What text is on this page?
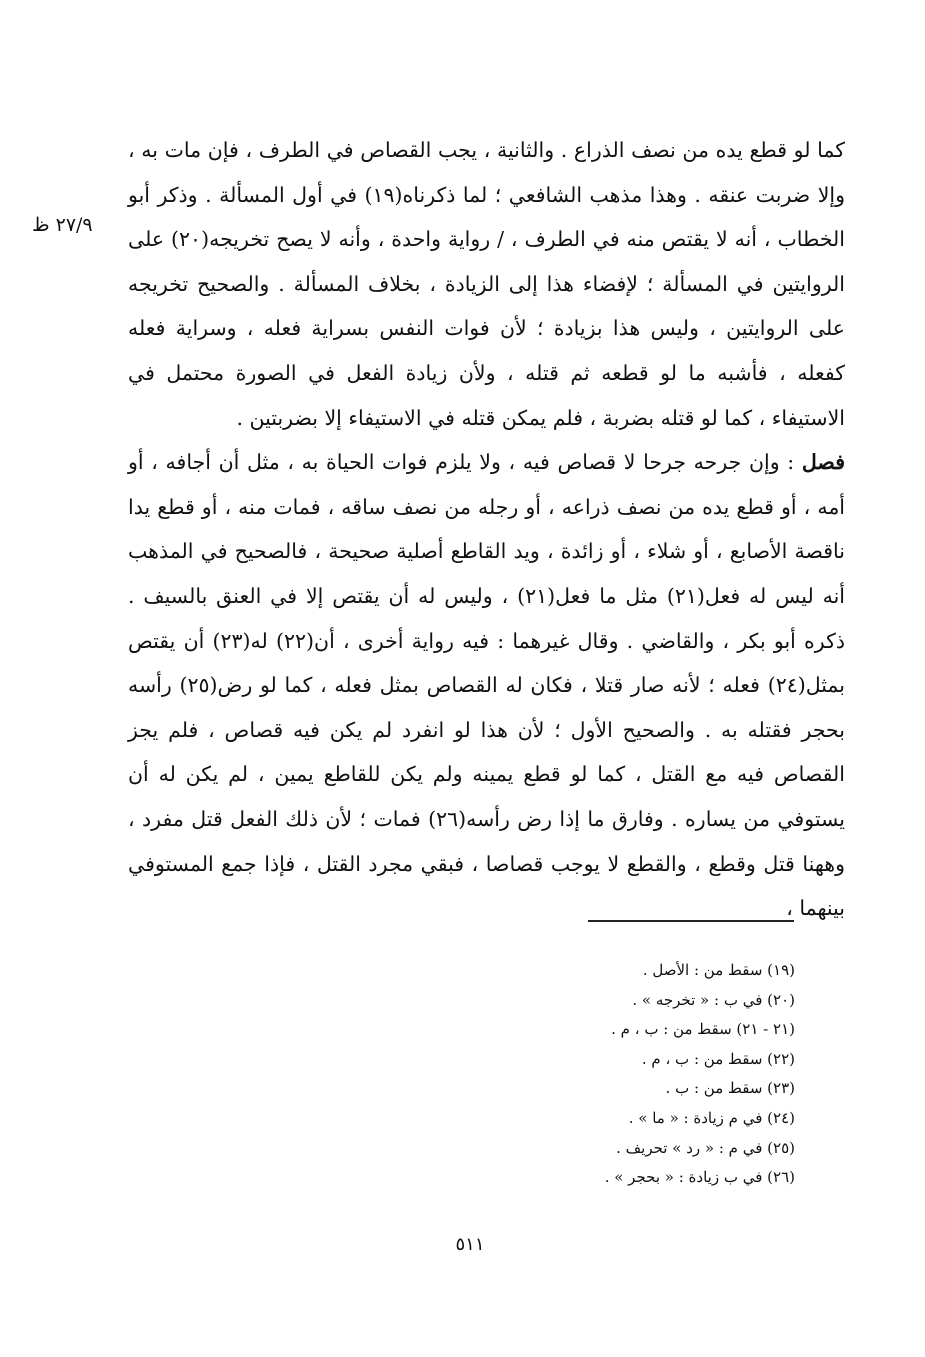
٢٧/٩ ظ

كما لو قطع يده من نصف الذراع . والثانية ، يجب القصاص في الطرف ، فإن مات به ، وإلا ضربت عنقه . وهذا مذهب الشافعي ؛ لما ذكرناه(١٩) في أول المسألة . وذكر أبو الخطاب ، أنه لا يقتص منه في الطرف ، / رواية واحدة ، وأنه لا يصح تخريجه(٢٠) على الروايتين في المسألة ؛ لإفضاء هذا إلى الزيادة ، بخلاف المسألة . والصحيح تخريجه على الروايتين ، وليس هذا بزيادة ؛ لأن فوات النفس بسراية فعله ، وسراية فعله كفعله ، فأشبه ما لو قطعه ثم قتله ، ولأن زيادة الفعل في الصورة محتمل في الاستيفاء ، كما لو قتله بضربة ، فلم يمكن قتله في الاستيفاء إلا بضربتين .

فصل : وإن جرحه جرحا لا قصاص فيه ، ولا يلزم فوات الحياة به ، مثل أن أجافه ، أو أمه ، أو قطع يده من نصف ذراعه ، أو رجله من نصف ساقه ، فمات منه ، أو قطع يدا ناقصة الأصابع ، أو شلاء ، أو زائدة ، ويد القاطع أصلية صحيحة ، فالصحيح في المذهب أنه ليس له فعل(٢١) مثل ما فعل(٢١) ، وليس له أن يقتص إلا في العنق بالسيف . ذكره أبو بكر ، والقاضي . وقال غيرهما : فيه رواية أخرى ، أن(٢٢) له(٢٣) أن يقتص بمثل(٢٤) فعله ؛ لأنه صار قتلا ، فكان له القصاص بمثل فعله ، كما لو رض(٢٥) رأسه بحجر فقتله به . والصحيح الأول ؛ لأن هذا لو انفرد لم يكن فيه قصاص ، فلم يجز القصاص فيه مع القتل ، كما لو قطع يمينه ولم يكن للقاطع يمين ، لم يكن له أن يستوفي من يساره . وفارق ما إذا رض رأسه(٢٦) فمات ؛ لأن ذلك الفعل قتل مفرد ، وههنا قتل وقطع ، والقطع لا يوجب قصاصا ، فبقي مجرد القتل ، فإذا جمع المستوفي بينهما ،

(١٩) سقط من : الأصل .
(٢٠) في ب : « تخرجه » .
(٢١ - ٢١) سقط من : ب ، م .
(٢٢) سقط من : ب ، م .
(٢٣) سقط من : ب .
(٢٤) في م زيادة : « ما » .
(٢٥) في م : « رد » تحريف .
(٢٦) في ب زيادة : « بحجر » .
٥١١
